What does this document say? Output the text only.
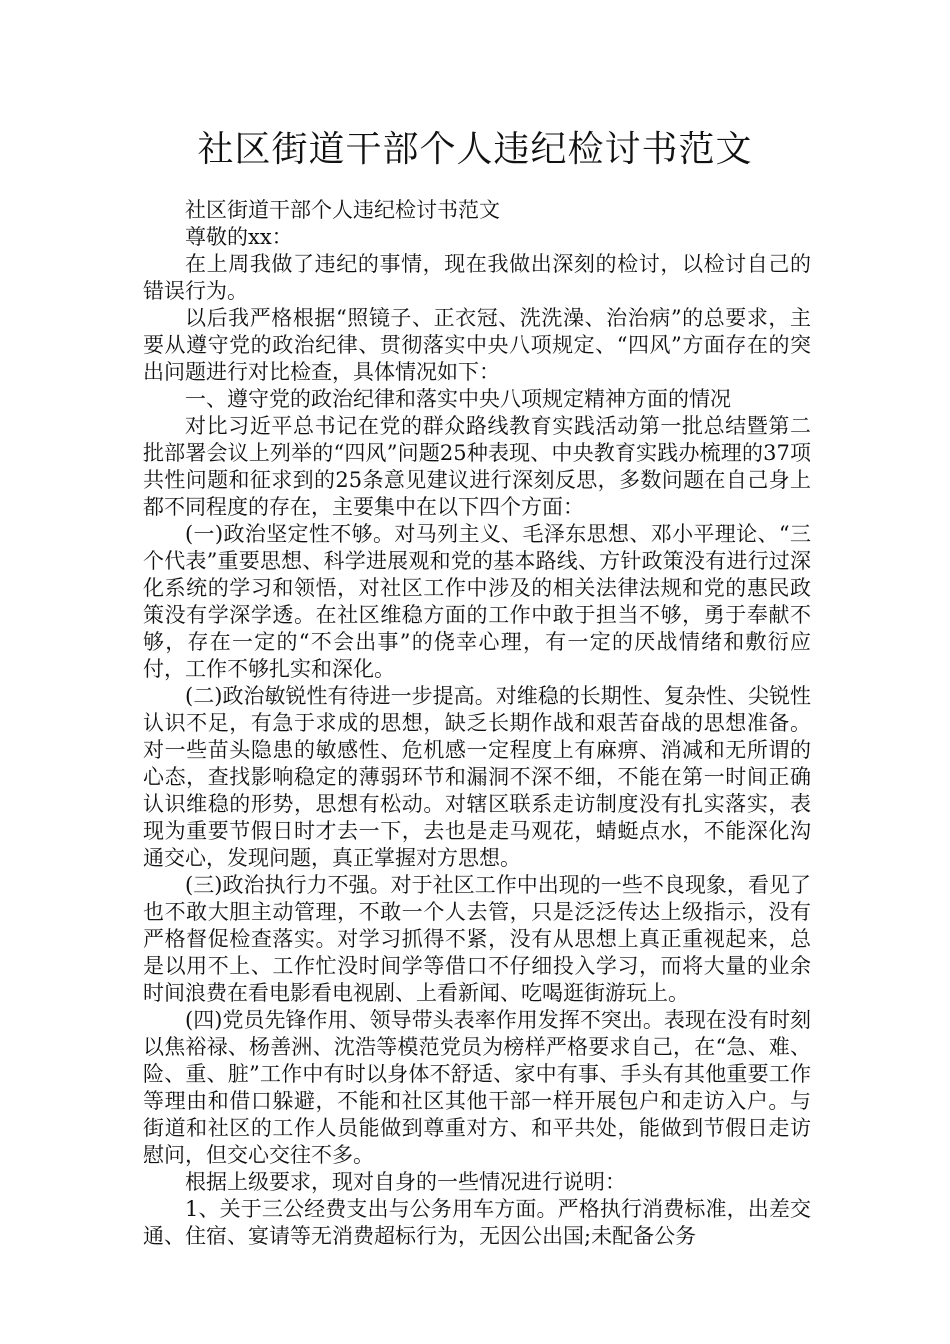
社区街道干部个人违纪检讨书范文

社区街道干部个人违纪检讨书范文

尊敬的xx：

在上周我做了违纪的事情，现在我做出深刻的检讨，以检讨自己的错误行为。

以后我严格根据“照镜子、正衣冠、洗洗澡、治治病”的总要求，主要从遵守党的政治纪律、贯彻落实中央八项规定、“四风”方面存在的突出问题进行对比检查，具体情况如下：

一、遵守党的政治纪律和落实中央八项规定精神方面的情况

对比习近平总书记在党的群众路线教育实践活动第一批总结暨第二批部署会议上列举的“四风”问题25种表现、中央教育实践办梳理的37项共性问题和征求到的25条意见建议进行深刻反思，多数问题在自己身上都不同程度的存在，主要集中在以下四个方面：

(一)政治坚定性不够。对马列主义、毛泽东思想、邓小平理论、“三个代表”重要思想、科学进展观和党的基本路线、方针政策没有进行过深化系统的学习和领悟，对社区工作中涉及的相关法律法规和党的惠民政策没有学深学透。在社区维稳方面的工作中敢于担当不够，勇于奉献不够，存在一定的“不会出事”的侥幸心理，有一定的厌战情绪和敷衍应付，工作不够扎实和深化。

(二)政治敏锐性有待进一步提高。对维稳的长期性、复杂性、尖锐性认识不足，有急于求成的思想，缺乏长期作战和艰苦奋战的思想准备。对一些苗头隐患的敏感性、危机感一定程度上有麻痹、消减和无所谓的心态，查找影响稳定的薄弱环节和漏洞不深不细，不能在第一时间正确认识维稳的形势，思想有松动。对辖区联系走访制度没有扎实落实，表现为重要节假日时才去一下，去也是走马观花，蜻蜓点水，不能深化沟通交心，发现问题，真正掌握对方思想。

(三)政治执行力不强。对于社区工作中出现的一些不良现象，看见了也不敢大胆主动管理，不敢一个人去管，只是泛泛传达上级指示，没有严格督促检查落实。对学习抓得不紧，没有从思想上真正重视起来，总是以用不上、工作忙没时间学等借口不仔细投入学习，而将大量的业余时间浪费在看电影看电视剧、上看新闻、吃喝逛街游玩上。

(四)党员先锋作用、领导带头表率作用发挥不突出。表现在没有时刻以焦裕禄、杨善洲、沈浩等模范党员为榜样严格要求自己，在“急、难、险、重、脏”工作中有时以身体不舒适、家中有事、手头有其他重要工作等理由和借口躲避，不能和社区其他干部一样开展包户和走访入户。与街道和社区的工作人员能做到尊重对方、和平共处，能做到节假日走访慰问，但交心交往不多。

根据上级要求，现对自身的一些情况进行说明：

1、关于三公经费支出与公务用车方面。严格执行消费标准，出差交通、住宿、宴请等无消费超标行为，无因公出国;未配备公务
